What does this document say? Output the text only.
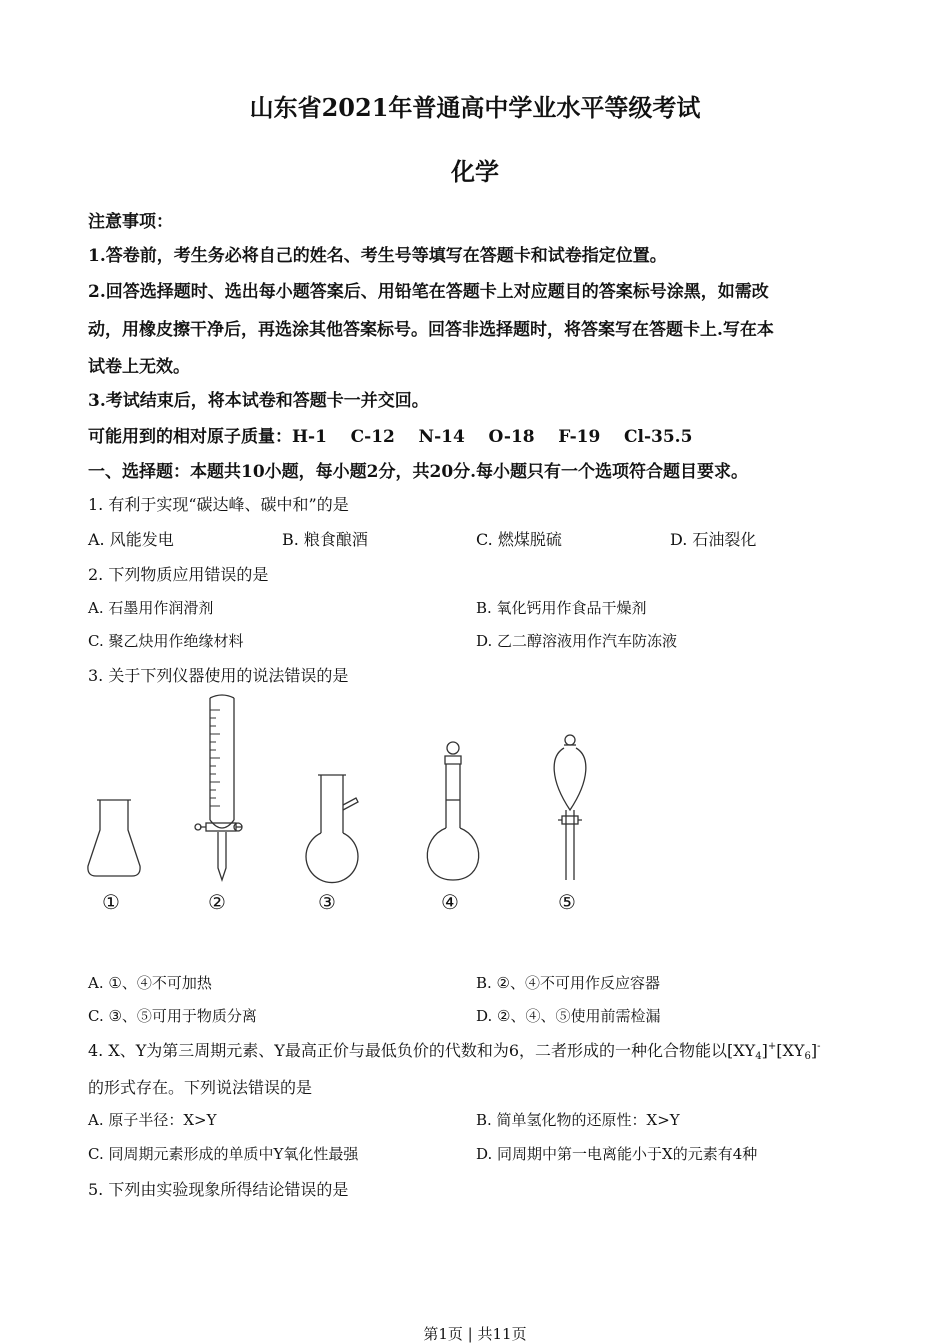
山东省2021年普通高中学业水平等级考试
化学
注意事项：
1.答卷前，考生务必将自己的姓名、考生号等填写在答题卡和试卷指定位置。
2.回答选择题时、选出每小题答案后、用铅笔在答题卡上对应题目的答案标号涂黑，如需改
动，用橡皮擦干净后，再选涂其他答案标号。回答非选择题时，将答案写在答题卡上.写在本
试卷上无效。
3.考试结束后，将本试卷和答题卡一并交回。
可能用到的相对原子质量：H-1    C-12    N-14    O-18    F-19    Cl-35.5
一、选择题：本题共10小题，每小题2分，共20分.每小题只有一个选项符合题目要求。
1. 有利于实现“碳达峰、碳中和”的是
A. 风能发电	B. 粮食酿酒	C. 燃煤脱硫	D. 石油裂化
2. 下列物质应用错误的是
A. 石墨用作润滑剂	B. 氧化钙用作食品干燥剂
C. 聚乙炔用作绝缘材料	D. 乙二醇溶液用作汽车防冻液
3. 关于下列仪器使用的说法错误的是
①	②	③	④	⑤
A. ①、④不可加热	B. ②、④不可用作反应容器
C. ③、⑤可用于物质分离	D. ②、④、⑤使用前需检漏
4. X、Y为第三周期元素、Y最高正价与最低负价的代数和为6，二者形成的一种化合物能以$[XY_4]^+[XY_6]^-$
的形式存在。下列说法错误的是
A. 原子半径：X>Y	B. 简单氢化物的还原性：X>Y
C. 同周期元素形成的单质中Y氧化性最强	D. 同周期中第一电离能小于X的元素有4种
5. 下列由实验现象所得结论错误的是
第1页 | 共11页
